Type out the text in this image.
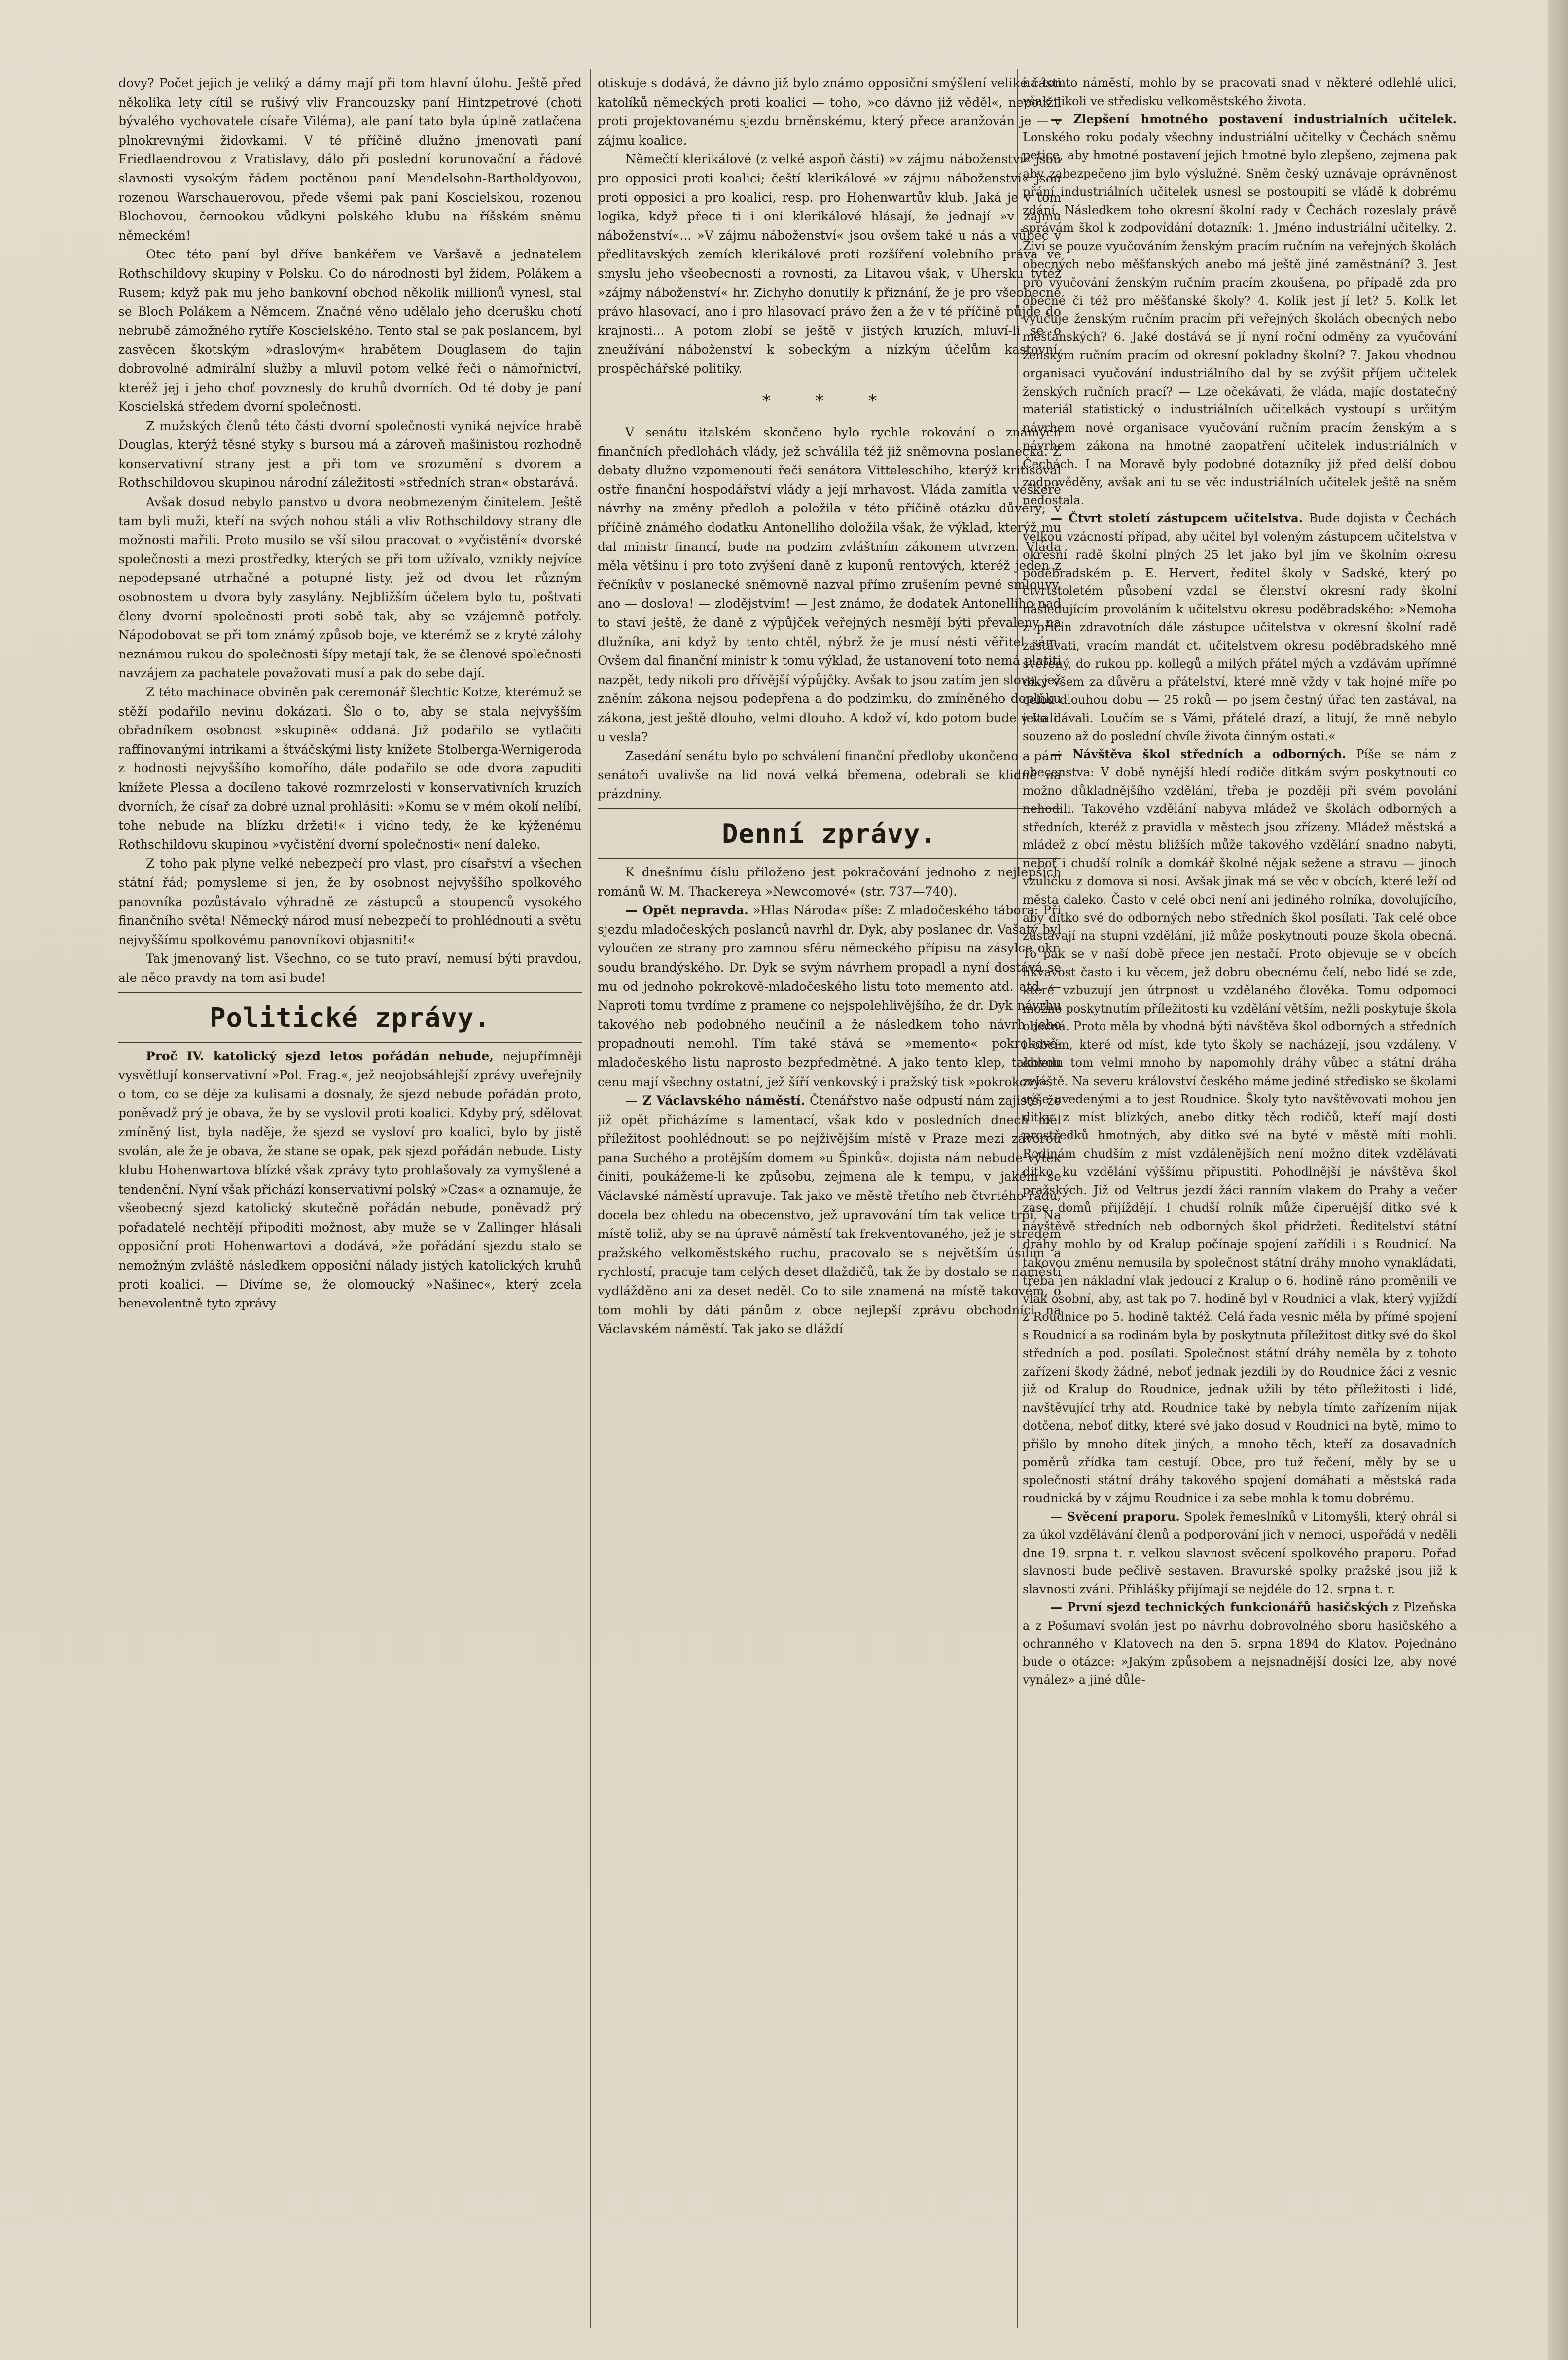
dovy? Počet jejich je veliký a dámy mají při tom hlavní úlohu. Ještě před několika lety cítil se rušivý vliv Francouzsky paní Hintzpetrové (choti bývalého vychovatele císaře Viléma), ale paní tato byla úplně zatlačena plnokrevnými židovkami. V té příčině dlužno jmenovati paní Friedlaendrovou z Vratislavy, dálo při poslední korunovační a řádové slavnosti vysokým řádem poctěnou paní Mendelsohn-Bartholdyovou, rozenou Warschauerovou, přede všemi pak paní Koscielskou, rozenou Blochovou, černookou vůdkyni polského klubu na říšském sněmu německém!

Otec této paní byl dříve bankéřem ve Varšavě a jednatelem Rothschildovy skupiny v Polsku. Co do národnosti byl židem, Polákem a Rusem; když pak mu jeho bankovní obchod několik millionů vynesl, stal se Bloch Polákem a Němcem. Značné věno udělalo jeho dcerušku chotí nebrubě zámožného rytíře Koscielského. Tento stal se pak poslancem, byl zasvěcen škotským »draslovým« hrabětem Douglasem do tajin dobrovolné admirální služby a mluvil potom velké řeči o námořnictví, kteréž jej i jeho choť povznesly do kruhů dvorních. Od té doby je paní Koscielská středem dvorní společnosti.

Z mužských členů této části dvorní společnosti vyniká nejvíce hrabě Douglas, kterýž těsné styky s bursou má a zároveň mašinistou rozhodně konservativní strany jest a při tom ve srozumění s dvorem a Rothschildovou skupinou národní záležitosti »středních stran« obstarává.

Avšak dosud nebylo panstvo u dvora neobmezeným činitelem. Ještě tam byli muži, kteří na svých nohou stáli a vliv Rothschildovy strany dle možnosti mařili. Proto musilo se vší silou pracovat o »vyčistění« dvorské společnosti a mezi prostředky, kterých se při tom užívalo, vznikly nejvíce nepodepsané utrhačné a potupné listy, jež od dvou let různým osobnostem u dvora byly zasylány. Nejbližším účelem bylo tu, poštvati členy dvorní společnosti proti sobě tak, aby se vzájemně potřely. Nápodobovat se při tom známý způsob boje, ve kterémž se z kryté zálohy neznámou rukou do společnosti šípy metají tak, že se členové společnosti navzájem za pachatele považovati musí a pak do sebe dají.

Z této machinace obviněn pak ceremonář šlechtic Kotze, kterémuž se stěží podařilo nevinu dokázati. Šlo o to, aby se stala nejvyšším obřadníkem osobnost »skupině« oddaná. Již podařilo se vytlačiti raffinovanými intrikami a štváčskými listy knížete Stolberga-Wernigeroda z hodnosti nejvyššího komořího, dále podařilo se ode dvora zapuditi knížete Plessa a docíleno takové rozmrzelosti v konservativních kruzích dvorních, že císař za dobré uznal prohlásiti: »Komu se v mém okolí nelíbí, tohe nebude na blízku držeti!« i vidno tedy, že ke kýženému Rothschildovu skupinou »vyčistění dvorní společnosti« není daleko.

Z toho pak plyne velké nebezpečí pro vlast, pro císařství a všechen státní řád; pomysleme si jen, že by osobnost nejvyššího spolkového panovníka pozůstávalo výhradně ze zástupců a stoupenců vysokého finančního světa! Německý národ musí nebezpečí to prohlédnouti a světu nejvyššímu spolkovému panovníkovi objasniti!«

Tak jmenovaný list. Všechno, co se tuto praví, nemusí býti pravdou, ale něco pravdy na tom asi bude!

Politické zprávy.

Proč IV. katolický sjezd letos pořádán nebude, nejupřímněji vysvětlují konservativní »Pol. Frag.«, jež neojobsáhlejší zprávy uveřejnily o tom, co se děje za kulisami a dosnaly, že sjezd nebude pořádán proto, poněvadž prý je obava, že by se vyslovil proti koalici. Kdyby prý, sdělovat zmíněný list, byla naděje, že sjezd se vysloví pro koalici, bylo by jistě svolán, ale že je obava, že stane se opak, pak sjezd pořádán nebude. Listy klubu Hohenwartova blízké však zprávy tyto prohlašovaly za vymyšlené a tendenční. Nyní však přichází konservativní polský »Czas« a oznamuje, že všeobecný sjezd katolický skutečně pořádán nebude, poněvadž prý pořadatelé nechtějí připoditi možnost, aby muže se v Zallinger hlásali opposiční proti Hohenwartovi a dodává, »že pořádání sjezdu stalo se nemožným zvláště následkem opposiční nálady jistých katolických kruhů proti koalici. — Divíme se, že olomoucký »Našinec«, který zcela benevolentně tyto zprávy

otiskuje s dodává, že dávno již bylo známo opposiční smýšlení veliké části katolíků německých proti koalici — toho, »co dávno již věděl«, nepoužil proti projektovanému sjezdu brněnskému, který přece aranžován je — v zájmu koalice.

Němečtí klerikálové (z velké aspoň části) »v zájmu náboženství« jsou pro opposici proti koalici; čeští klerikálové »v zájmu náboženství« jsou proti opposici a pro koalici, resp. pro Hohenwartův klub. Jaká je v tom logika, když přece ti i oni klerikálové hlásají, že jednají »v zájmu náboženství«... »V zájmu náboženství« jsou ovšem také u nás a vůbec v předlitavských zemích klerikálové proti rozšíření volebního práva ve smyslu jeho všeobecnosti a rovnosti, za Litavou však, v Uhersku tytéž »zájmy náboženství« hr. Zichyho donutily k přiznání, že je pro všeobecné právo hlasovací, ano i pro hlasovací právo žen a že v té příčině půjde do krajnosti... A potom zlobí se ještě v jistých kruzích, mluví-li se o zneužívání náboženství k sobeckým a nízkým účelům kastovní, prospěchářské politiky.

* * *

V senátu italském skončeno bylo rychle rokování o známých finančních předlohách vlády, jež schválila též již sněmovna poslanecká. Z debaty dlužno vzpomenouti řeči senátora Vitteleschiho, kterýž kritisoval ostře finanční hospodářství vlády a její mrhavost. Vláda zamítla veškeré návrhy na změny předloh a položila v této příčině otázku důvěry; v příčině známého dodatku Antonelliho doložila však, že výklad, kterýž mu dal ministr financí, bude na podzim zvláštním zákonem utvrzen. Vláda měla většinu i pro toto zvýšení daně z kuponů rentových, kteréž jeden z řečníkův v poslanecké sněmovně nazval přímo zrušením pevné smlouvy, ano — doslova! — zlodějstvím! — Jest známo, že dodatek Antonelliho nad to staví ještě, že daně z výpůjček veřejných nesmějí býti převaleny na dlužníka, ani když by tento chtěl, nýbrž že je musí nésti věřitel sám. Ovšem dal finanční ministr k tomu výklad, že ustanovení toto nemá platiti nazpět, tedy nikoli pro dřívější výpůjčky. Avšak to jsou zatím jen slova, jež zněním zákona nejsou podepřena a do podzimku, do zmíněného doplňku zákona, jest ještě dlouho, velmi dlouho. A kdož ví, kdo potom bude v Italii u vesla?

Zasedání senátu bylo po schválení finanční předloby ukončeno a páni senátoři uvalivše na lid nová velká břemena, odebrali se klidně na prázdniny.

Denní zprávy.

K dnešnímu číslu přiloženo jest pokračování jednoho z nejlepších románů W. M. Thackereya »Newcomové« (str. 737—740).

— Opět nepravda. »Hlas Národa« píše: Z mladočeského tábora: Při sjezdu mladočeských poslanců navrhl dr. Dyk, aby poslanec dr. Vašatý byl vyloučen ze strany pro zamnou sféru německého přípisu na zásylce okr. soudu brandýského. Dr. Dyk se svým návrhem propadl a nyní dostává se mu od jednoho pokrokově-mladočeského listu toto memento atd. atd. — Naproti tomu tvrdíme z pramene co nejspolehlivějšího, že dr. Dyk návrhu takového neb podobného neučinil a že následkem toho návrh jeho propadnouti nemohl. Tím také stává se »memento« pokrokově-mladočeského listu naprosto bezpředmětné. A jako tento klep, takovou cenu mají všechny ostatní, jež šíří venkovský i pražský tisk »pokrokový«.

— Z Václavského náměstí. Čtenářstvo naše odpustí nám zajisté, že již opět přicházíme s lamentací, však kdo v posledních dnech měl příležitost poohlédnouti se po nejživějším místě v Praze mezi závorou pana Suchého a protějším domem »u Špinků«, dojista nám nebude výtek činiti, poukážeme-li ke způsobu, zejmena ale k tempu, v jakém se Václavské náměstí upravuje. Tak jako ve městě třetího neb čtvrtého řádu, docela bez ohledu na obecenstvo, jež upravování tím tak velice trpí. Na místě toliž, aby se na úpravě náměstí tak frekventovaného, jež je středem pražského velkoměstského ruchu, pracovalo se s největším úsilím a rychlostí, pracuje tam celých deset dlaždičů, tak že by dostalo se náměstí vydlážděno ani za deset neděl. Co to sile znamená na místě takovém, o tom mohli by dáti pánům z obce nejlepší zprávu obchodníci na Václavském náměstí. Tak jako se dláždí

na tomto náměstí, mohlo by se pracovati snad v některé odlehlé ulici, však nikoli ve středisku velkoměstského života.

— Zlepšení hmotného postavení industrialních učitelek. Lonského roku podaly všechny industriální učitelky v Čechách sněmu petice, aby hmotné postavení jejich hmotné bylo zlepšeno, zejmena pak aby zabezpečeno jim bylo výslužné. Sněm český uznávaje oprávněnost přání industriálních učitelek usnesl se postoupiti se vládě k dobrému zdání. Následkem toho okresní školní rady v Čechách rozeslaly právě správám škol k zodpovídání dotazník: 1. Jméno industriální učitelky. 2. Živí se pouze vyučováním ženským pracím ručním na veřejných školách obecných nebo měšťanských anebo má ještě jiné zaměstnání? 3. Jest pro vyučování ženským ručním pracím zkoušena, po případě zda pro obecné či též pro měšťanské školy? 4. Kolik jest jí let? 5. Kolik let vyučuje ženským ručním pracím při veřejných školách obecných nebo měšťanských? 6. Jaké dostává se jí nyní roční odměny za vyučování ženským ručním pracím od okresní pokladny školní? 7. Jakou vhodnou organisaci vyučování industriálního dal by se zvýšit příjem učitelek ženských ručních prací? — Lze očekávati, že vláda, majíc dostatečný materiál statistický o industriálních učitelkách vystoupí s určitým návrhem nové organisace vyučování ručním pracím ženským a s návrhem zákona na hmotné zaopatření učitelek industriálních v Čechách. I na Moravě byly podobné dotazníky již před delší dobou zodpověděny, avšak ani tu se věc industriálních učitelek ještě na sněm nedostala.

— Čtvrt století zástupcem učitelstva. Bude dojista v Čechách velkou vzácností případ, aby učitel byl voleným zástupcem učitelstva v okresní radě školní plných 25 let jako byl jím ve školním okresu poděbradském p. E. Hervert, ředitel školy v Sadské, který po čtvrtstoletém působení vzdal se členství okresní rady školní následujícím provoláním k učitelstvu okresu poděbradského: »Nemoha z příčin zdravotních dále zástupce učitelstva v okresní školní radě zastávati, vracím mandát ct. učitelstvem okresu poděbradského mně svěřený, do rukou pp. kollegů a milých přátel mých a vzdávám upřímné díky všem za důvěru a přátelství, které mně vždy v tak hojné míře po celou dlouhou dobu — 25 roků — po jsem čestný úřad ten zastával, na jevo dávali. Loučím se s Vámi, přátelé drazí, a litují, že mně nebylo souzeno až do poslední chvíle života činným ostati.«

— Návštěva škol středních a odborných. Píše se nám z obecenstva: V době nynější hledí rodiče ditkám svým poskytnouti co možno důkladnějšího vzdělání, třeba je později při svém povolání nehodili. Takového vzdělání nabyva mládež ve školách odborných a středních, kteréž z pravidla v městech jsou zřízeny. Mládež městská a mládež z obcí městu bližších může takového vzdělání snadno nabyti, neboť i chudší rolník a domkář školné nějak sežene a stravu — jinoch vzuličku z domova si nosí. Avšak jinak má se věc v obcích, které leží od města daleko. Často v celé obci není ani jediného rolníka, dovolujícího, aby ditko své do odborných nebo středních škol posílati. Tak celé obce zůstávají na stupni vzdělání, již může poskytnouti pouze škola obecná. To pak se v naší době přece jen nestačí. Proto objevuje se v obcích likvavost často i ku věcem, jež dobru obecnému čelí, nebo lidé se zde, které vzbuzují jen útrpnost u vzdělaného člověka. Tomu odpomoci možno poskytnutím příležitosti ku vzdělání větším, nežli poskytuje škola obecná. Proto měla by vhodná býti návštěva škol odborných a středních i obcím, které od míst, kde tyto školy se nacházejí, jsou vzdáleny. V ohledu tom velmi mnoho by napomohly dráhy vůbec a státní dráha zvláště. Na severu království českého máme jediné středisko se školami výše uvedenými a to jest Roudnice. Školy tyto navštěvovati mohou jen ditky z míst blízkých, anebo ditky těch rodičů, kteří mají dosti prostředků hmotných, aby ditko své na byté v městě míti mohli. Rodinám chudším z míst vzdálenějších není možno ditek vzdělávati ditko ku vzdělání výššímu připustiti. Pohodlnější je návštěva škol pražských. Již od Veltrus jezdí žáci ranním vlakem do Prahy a večer zase domů přijíždějí. I chudší rolník může čiperuější ditko své k návštěvě středních neb odborných škol přidržeti. Ředitelství státní dráhy mohlo by od Kralup počínaje spojení zařídili i s Roudnicí. Na takovou změnu nemusila by společnost státní dráhy mnoho vynakládati, třeba jen nákladní vlak jedoucí z Kralup o 6. hodině ráno proměnili ve vlak osobní, aby, ast tak po 7. hodině byl v Roudnici a vlak, který vyjíždí z Roudnice po 5. hodině taktéž. Celá řada vesnic měla by přímé spojení s Roudnicí a sa rodinám byla by poskytnuta příležitost ditky své do škol středních a pod. posílati. Společnost státní dráhy neměla by z tohoto zařízení škody žádné, neboť jednak jezdili by do Roudnice žáci z vesnic již od Kralup do Roudnice, jednak užili by této příležitosti i lidé, navštěvující trhy atd. Roudnice také by nebyla tímto zařízením nijak dotčena, neboť ditky, které své jako dosud v Roudnici na bytě, mimo to přišlo by mnoho dítek jiných, a mnoho těch, kteří za dosavadních poměrů zřídka tam cestují. Obce, pro tuž řečení, měly by se u společnosti státní dráhy takového spojení domáhati a městská rada roudnická by v zájmu Roudnice i za sebe mohla k tomu dobrému.

— Svěcení praporu. Spolek řemeslníků v Litomyšli, který ohrál si za úkol vzdělávání členů a podporování jich v nemoci, uspořádá v neděli dne 19. srpna t. r. velkou slavnost svěcení spolkového praporu. Pořad slavnosti bude pečlivě sestaven. Bravurské spolky pražské jsou již k slavnosti zváni. Přihlášky přijímají se nejdéle do 12. srpna t. r.

— První sjezd technických funkcionářů hasičských z Plzeňska a z Pošumaví svolán jest po návrhu dobrovolného sboru hasičského a ochranného v Klatovech na den 5. srpna 1894 do Klatov. Pojednáno bude o otázce: »Jakým způsobem a nejsnadnější dosíci lze, aby nové vynález» a jiné důle-
